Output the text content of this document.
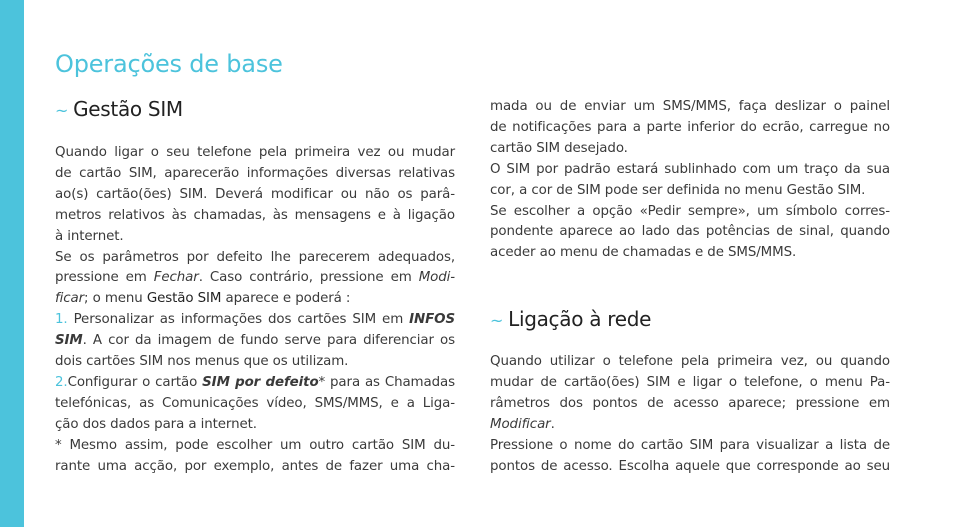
Operações de base
~ Gestão SIM
Quando ligar o seu telefone pela primeira vez ou mudar
de cartão SIM, aparecerão informações diversas relativas
ao(s) cartão(ões) SIM. Deverá modificar ou não os parâ-
metros relativos às chamadas, às mensagens e à ligação
à internet.
Se os parâmetros por defeito lhe parecerem adequados,
pressione em Fechar. Caso contrário, pressione em Modi-
ficar; o menu Gestão SIM aparece e poderá :
1. Personalizar as informações dos cartões SIM em INFOS
SIM. A cor da imagem de fundo serve para diferenciar os
dois cartões SIM nos menus que os utilizam.
2.Configurar o cartão SIM por defeito* para as Chamadas
telefónicas, as Comunicações vídeo, SMS/MMS, e a Liga-
ção dos dados para a internet.
* Mesmo assim, pode escolher um outro cartão SIM du-
rante uma acção, por exemplo, antes de fazer uma cha-
mada ou de enviar um SMS/MMS, faça deslizar o painel
de notificações para a parte inferior do ecrão, carregue no
cartão SIM desejado.
O SIM por padrão estará sublinhado com um traço da sua
cor, a cor de SIM pode ser definida no menu Gestão SIM.
Se escolher a opção «Pedir sempre», um símbolo corres-
pondente aparece ao lado das potências de sinal, quando
aceder ao menu de chamadas e de SMS/MMS.
~ Ligação à rede
Quando utilizar o telefone pela primeira vez, ou quando
mudar de cartão(ões) SIM e ligar o telefone, o menu Pa-
râmetros dos pontos de acesso aparece; pressione em
Modificar.
Pressione o nome do cartão SIM para visualizar a lista de
pontos de acesso. Escolha aquele que corresponde ao seu
